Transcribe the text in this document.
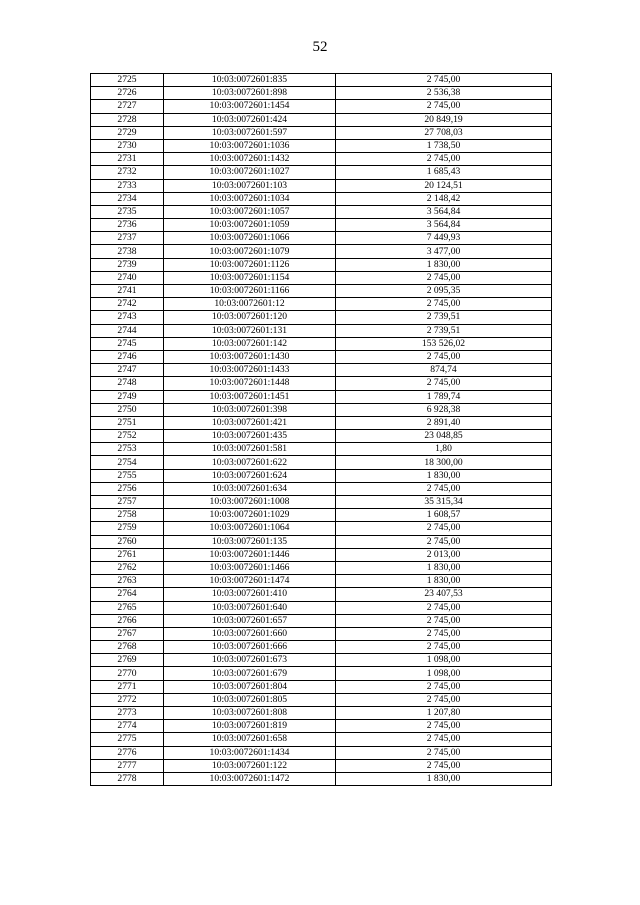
52
2725	10:03:0072601:835	2 745,00
2726	10:03:0072601:898	2 536,38
2727	10:03:0072601:1454	2 745,00
2728	10:03:0072601:424	20 849,19
2729	10:03:0072601:597	27 708,03
2730	10:03:0072601:1036	1 738,50
2731	10:03:0072601:1432	2 745,00
2732	10:03:0072601:1027	1 685,43
2733	10:03:0072601:103	20 124,51
2734	10:03:0072601:1034	2 148,42
2735	10:03:0072601:1057	3 564,84
2736	10:03:0072601:1059	3 564,84
2737	10:03:0072601:1066	7 449,93
2738	10:03:0072601:1079	3 477,00
2739	10:03:0072601:1126	1 830,00
2740	10:03:0072601:1154	2 745,00
2741	10:03:0072601:1166	2 095,35
2742	10:03:0072601:12	2 745,00
2743	10:03:0072601:120	2 739,51
2744	10:03:0072601:131	2 739,51
2745	10:03:0072601:142	153 526,02
2746	10:03:0072601:1430	2 745,00
2747	10:03:0072601:1433	874,74
2748	10:03:0072601:1448	2 745,00
2749	10:03:0072601:1451	1 789,74
2750	10:03:0072601:398	6 928,38
2751	10:03:0072601:421	2 891,40
2752	10:03:0072601:435	23 048,85
2753	10:03:0072601:581	1,80
2754	10:03:0072601:622	18 300,00
2755	10:03:0072601:624	1 830,00
2756	10:03:0072601:634	2 745,00
2757	10:03:0072601:1008	35 315,34
2758	10:03:0072601:1029	1 608,57
2759	10:03:0072601:1064	2 745,00
2760	10:03:0072601:135	2 745,00
2761	10:03:0072601:1446	2 013,00
2762	10:03:0072601:1466	1 830,00
2763	10:03:0072601:1474	1 830,00
2764	10:03:0072601:410	23 407,53
2765	10:03:0072601:640	2 745,00
2766	10:03:0072601:657	2 745,00
2767	10:03:0072601:660	2 745,00
2768	10:03:0072601:666	2 745,00
2769	10:03:0072601:673	1 098,00
2770	10:03:0072601:679	1 098,00
2771	10:03:0072601:804	2 745,00
2772	10:03:0072601:805	2 745,00
2773	10:03:0072601:808	1 207,80
2774	10:03:0072601:819	2 745,00
2775	10:03:0072601:658	2 745,00
2776	10:03:0072601:1434	2 745,00
2777	10:03:0072601:122	2 745,00
2778	10:03:0072601:1472	1 830,00
